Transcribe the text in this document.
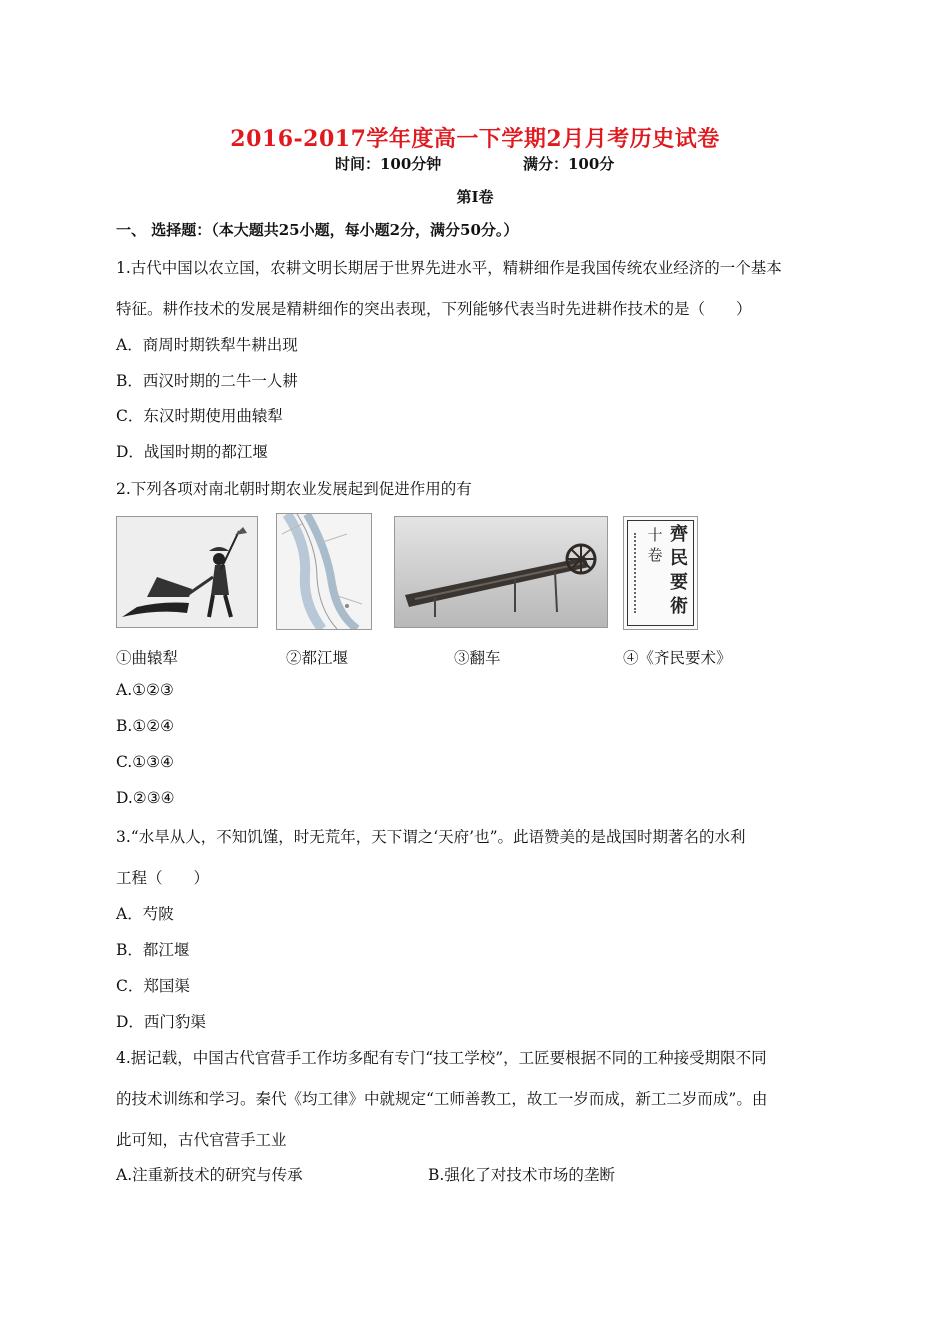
2016-2017学年度高一下学期2月月考历史试卷
时间：100分钟	满分：100分
第I卷
一、 选择题：（本大题共25小题，每小题2分，满分50分。）
1.古代中国以农立国，农耕文明长期居于世界先进水平，精耕细作是我国传统农业经济的一个基本
特征。耕作技术的发展是精耕细作的突出表现，下列能够代表当时先进耕作技术的是（　　）
A．商周时期铁犁牛耕出现
B．西汉时期的二牛一人耕
C．东汉时期使用曲辕犁
D．战国时期的都江堰
2.下列各项对南北朝时期农业发展起到促进作用的有
齊民要術
十卷
①曲辕犁	②都江堰	③翻车	④《齐民要术》
A.①②③
B.①②④
C.①③④
D.②③④
3.“水旱从人，不知饥馑，时无荒年，天下谓之‘天府’也”。此语赞美的是战国时期著名的水利
工程（　　）
A．芍陂
B．都江堰
C．郑国渠
D．西门豹渠
4.据记载，中国古代官营手工作坊多配有专门“技工学校”，工匠要根据不同的工种接受期限不同
的技术训练和学习。秦代《均工律》中就规定“工师善教工，故工一岁而成，新工二岁而成”。由
此可知，古代官营手工业
A.注重新技术的研究与传承	B.强化了对技术市场的垄断
